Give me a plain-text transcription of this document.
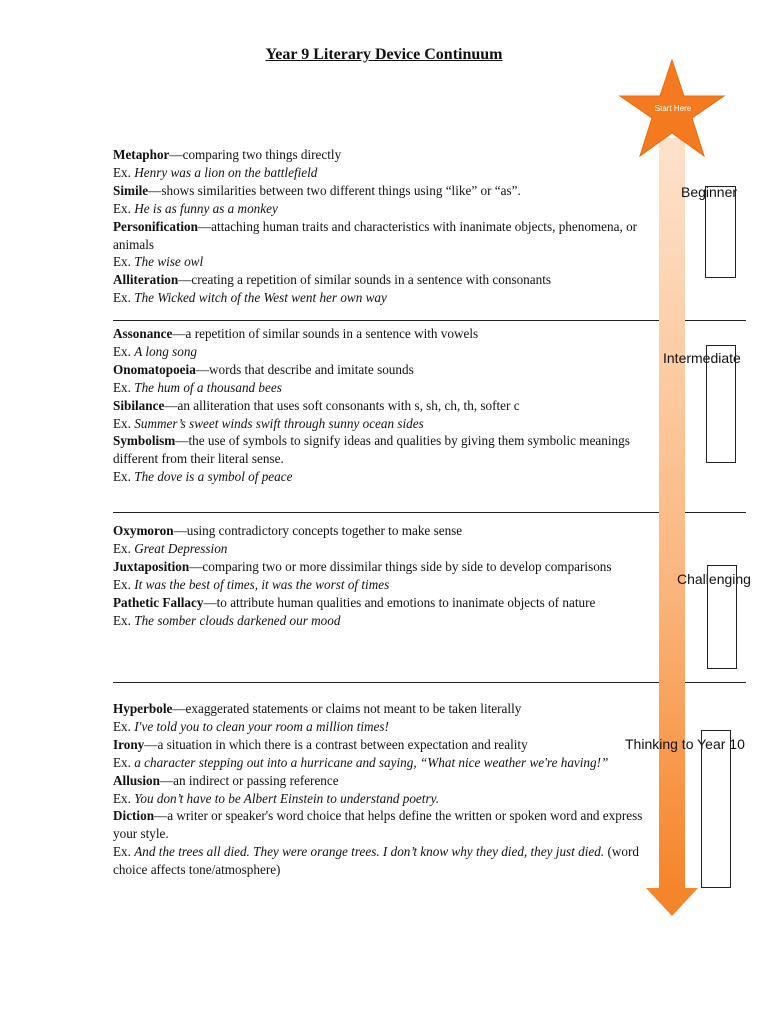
Year 9 Literary Device Continuum
Start Here
Metaphor—comparing two things directly
Ex. Henry was a lion on the battlefield
Simile—shows similarities between two different things using “like” or “as”.
Ex. He is as funny as a monkey
Personification—attaching human traits and characteristics with inanimate objects, phenomena, or animals
Ex. The wise owl
Alliteration—creating a repetition of similar sounds in a sentence with consonants
Ex. The Wicked witch of the West went her own way
Assonance—a repetition of similar sounds in a sentence with vowels
Ex. A long song
Onomatopoeia—words that describe and imitate sounds
Ex. The hum of a thousand bees
Sibilance—an alliteration that uses soft consonants with s, sh, ch, th, softer c
Ex. Summer’s sweet winds swift through sunny ocean sides
Symbolism—the use of symbols to signify ideas and qualities by giving them symbolic meanings different from their literal sense.
Ex. The dove is a symbol of peace
Oxymoron—using contradictory concepts together to make sense
Ex. Great Depression
Juxtaposition—comparing two or more dissimilar things side by side to develop comparisons
Ex. It was the best of times, it was the worst of times
Pathetic Fallacy—to attribute human qualities and emotions to inanimate objects of nature
Ex. The somber clouds darkened our mood
Hyperbole—exaggerated statements or claims not meant to be taken literally
Ex. I've told you to clean your room a million times!
Irony—a situation in which there is a contrast between expectation and reality
Ex. a character stepping out into a hurricane and saying, “What nice weather we're having!”
Allusion—an indirect or passing reference
Ex. You don’t have to be Albert Einstein to understand poetry.
Diction—a writer or speaker's word choice that helps define the written or spoken word and express your style.
Ex. And the trees all died. They were orange trees. I don’t know why they died, they just died. (word choice affects tone/atmosphere)
Beginner
Intermediate
Challenging
Thinking to Year 10
